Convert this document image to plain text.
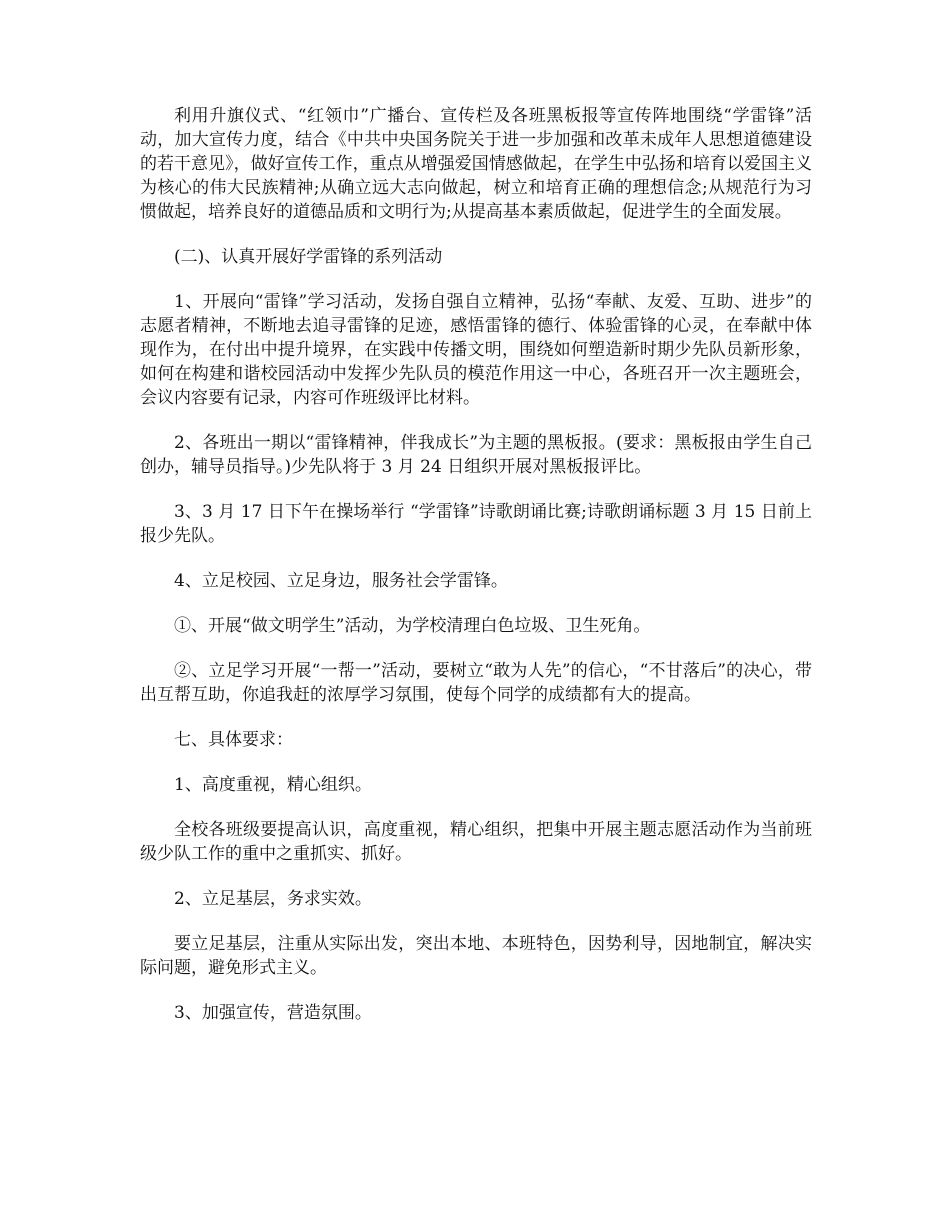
利用升旗仪式、“红领巾”广播台、宣传栏及各班黑板报等宣传阵地围绕“学雷锋”活动，加大宣传力度，结合《中共中央国务院关于进一步加强和改革未成年人思想道德建设的若干意见》，做好宣传工作，重点从增强爱国情感做起，在学生中弘扬和培育以爱国主义为核心的伟大民族精神;从确立远大志向做起，树立和培育正确的理想信念;从规范行为习惯做起，培养良好的道德品质和文明行为;从提高基本素质做起，促进学生的全面发展。

(二)、认真开展好学雷锋的系列活动

1、开展向“雷锋”学习活动，发扬自强自立精神，弘扬“奉献、友爱、互助、进步”的志愿者精神，不断地去追寻雷锋的足迹，感悟雷锋的德行、体验雷锋的心灵，在奉献中体现作为，在付出中提升境界，在实践中传播文明，围绕如何塑造新时期少先队员新形象，如何在构建和谐校园活动中发挥少先队员的模范作用这一中心，各班召开一次主题班会，会议内容要有记录，内容可作班级评比材料。

2、各班出一期以“雷锋精神，伴我成长”为主题的黑板报。(要求：黑板报由学生自己创办，辅导员指导。)少先队将于 3 月 24 日组织开展对黑板报评比。

3、3 月 17 日下午在操场举行 “学雷锋”诗歌朗诵比赛;诗歌朗诵标题 3 月 15 日前上报少先队。

4、立足校园、立足身边，服务社会学雷锋。

①、开展“做文明学生”活动，为学校清理白色垃圾、卫生死角。

②、立足学习开展“一帮一”活动，要树立“敢为人先”的信心，“不甘落后”的决心，带出互帮互助，你追我赶的浓厚学习氛围，使每个同学的成绩都有大的提高。

七、具体要求：

1、高度重视，精心组织。

全校各班级要提高认识，高度重视，精心组织，把集中开展主题志愿活动作为当前班级少队工作的重中之重抓实、抓好。

2、立足基层，务求实效。

要立足基层，注重从实际出发，突出本地、本班特色，因势利导，因地制宜，解决实际问题，避免形式主义。

3、加强宣传，营造氛围。
